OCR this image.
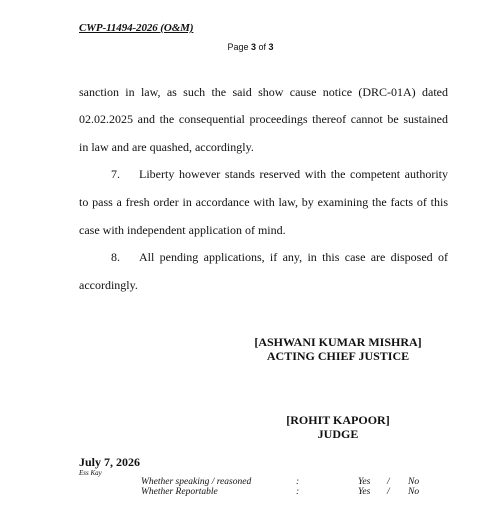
CWP-11494-2026 (O&M)
Page 3 of 3
sanction in law, as such the said show cause notice (DRC-01A) dated
02.02.2025 and the consequential proceedings thereof cannot be sustained
in law and are quashed, accordingly.
7. Liberty however stands reserved with the competent authority
to pass a fresh order in accordance with law, by examining the facts of this
case with independent application of mind.
8. All pending applications, if any, in this case are disposed of
accordingly.
[ASHWANI KUMAR MISHRA]
ACTING CHIEF JUSTICE
[ROHIT KAPOOR]
JUDGE
July 7, 2026
Ess Kay
Whether speaking / reasoned	:	Yes / No
Whether Reportable	:	Yes / No
